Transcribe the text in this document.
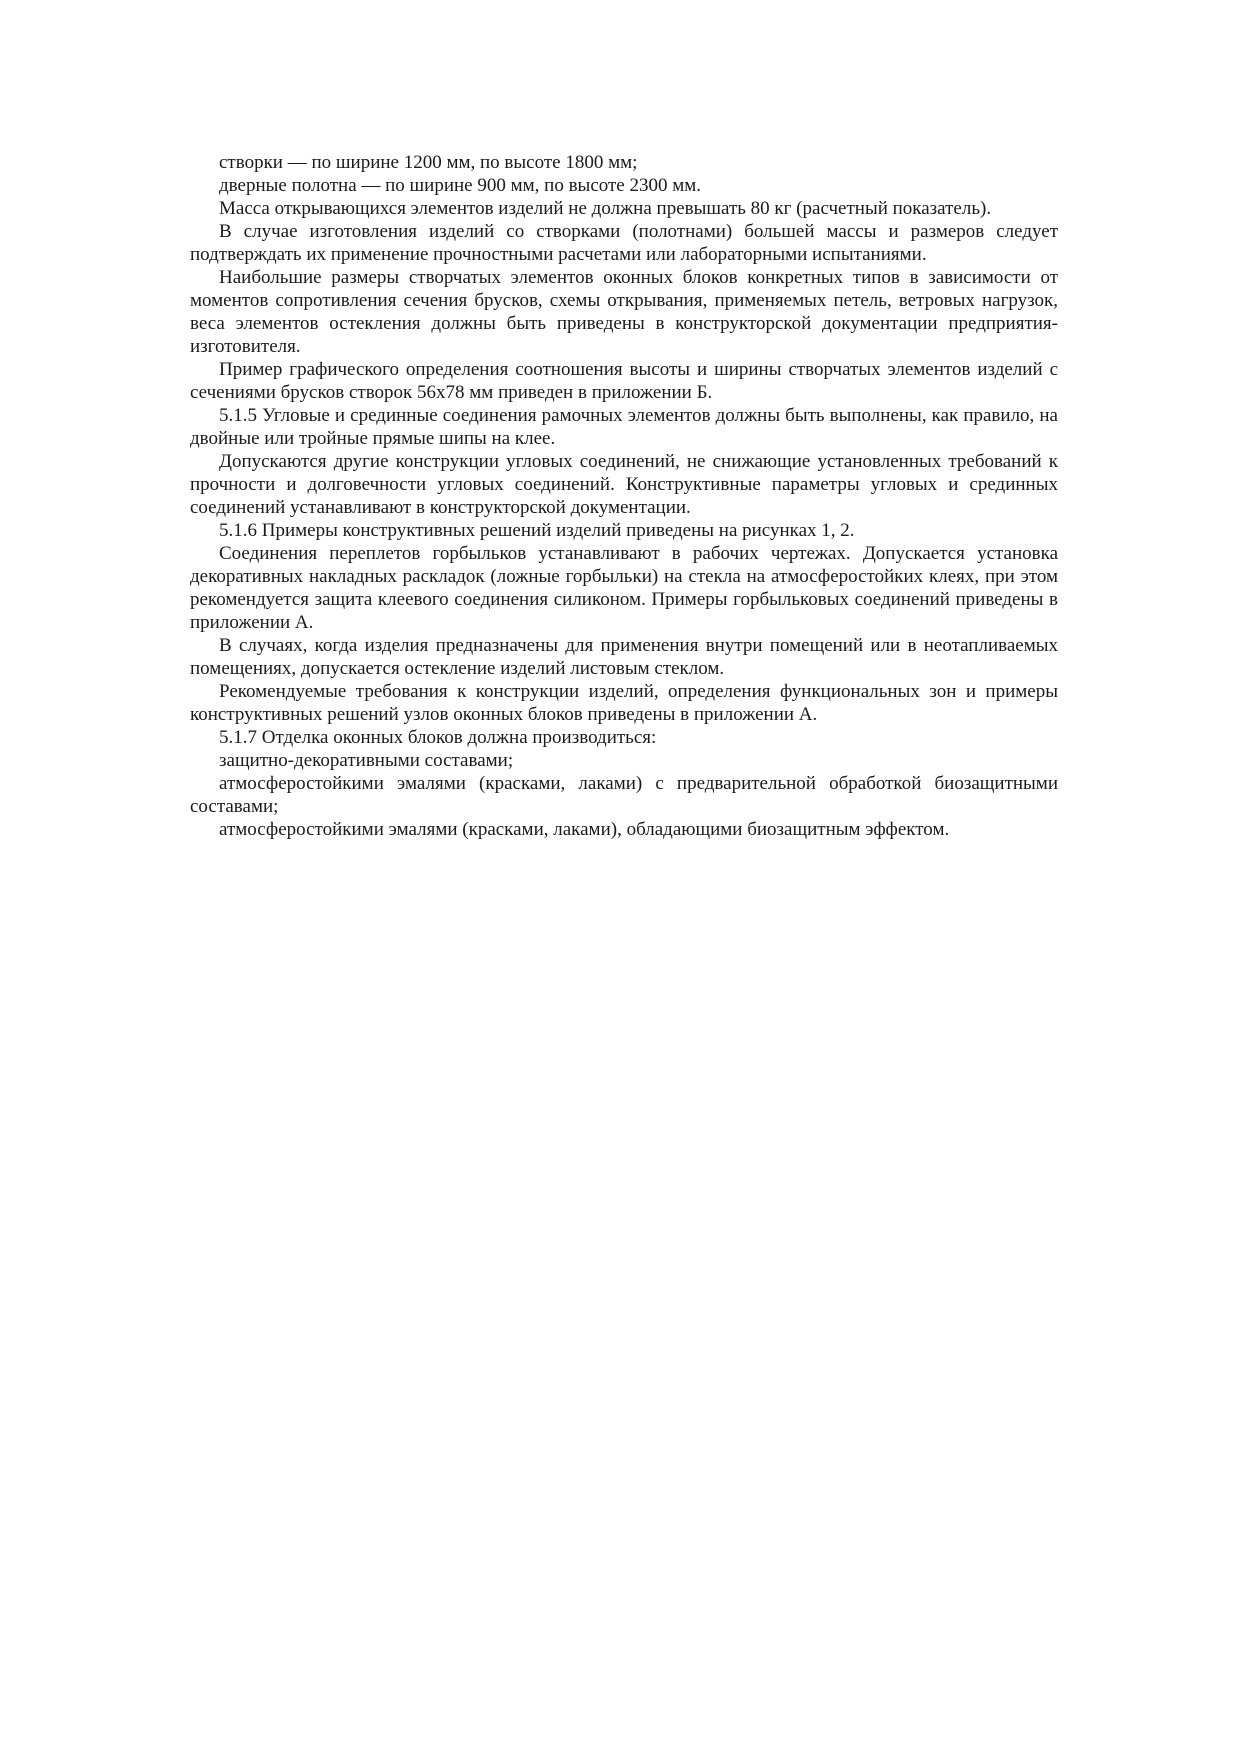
створки — по ширине 1200 мм, по высоте 1800 мм;

дверные полотна — по ширине 900 мм, по высоте 2300 мм.

Масса открывающихся элементов изделий не должна превышать 80 кг (расчетный показатель).

В случае изготовления изделий со створками (полотнами) большей массы и размеров следует подтверждать их применение прочностными расчетами или лабораторными испытаниями.

Наибольшие размеры створчатых элементов оконных блоков конкретных типов в зависимости от моментов сопротивления сечения брусков, схемы открывания, применяемых петель, ветровых нагрузок, веса элементов остекления должны быть приведены в конструкторской документации предприятия-изготовителя.

Пример графического определения соотношения высоты и ширины створчатых элементов изделий с сечениями брусков створок 56х78 мм приведен в приложении Б.

5.1.5 Угловые и срединные соединения рамочных элементов должны быть выполнены, как правило, на двойные или тройные прямые шипы на клее.

Допускаются другие конструкции угловых соединений, не снижающие установленных требований к прочности и долговечности угловых соединений. Конструктивные параметры угловых и срединных соединений устанавливают в конструкторской документации.

5.1.6 Примеры конструктивных решений изделий приведены на рисунках 1, 2.

Соединения переплетов горбыльков устанавливают в рабочих чертежах. Допускается установка декоративных накладных раскладок (ложные горбыльки) на стекла на атмосферостойких клеях, при этом рекомендуется защита клеевого соединения силиконом. Примеры горбыльковых соединений приведены в приложении А.

В случаях, когда изделия предназначены для применения внутри помещений или в неотапливаемых помещениях, допускается остекление изделий листовым стеклом.

Рекомендуемые требования к конструкции изделий, определения функциональных зон и примеры конструктивных решений узлов оконных блоков приведены в приложении А.

5.1.7 Отделка оконных блоков должна производиться:

защитно-декоративными составами;

атмосферостойкими эмалями (красками, лаками) с предварительной обработкой биозащитными составами;

атмосферостойкими эмалями (красками, лаками), обладающими биозащитным эффектом.
